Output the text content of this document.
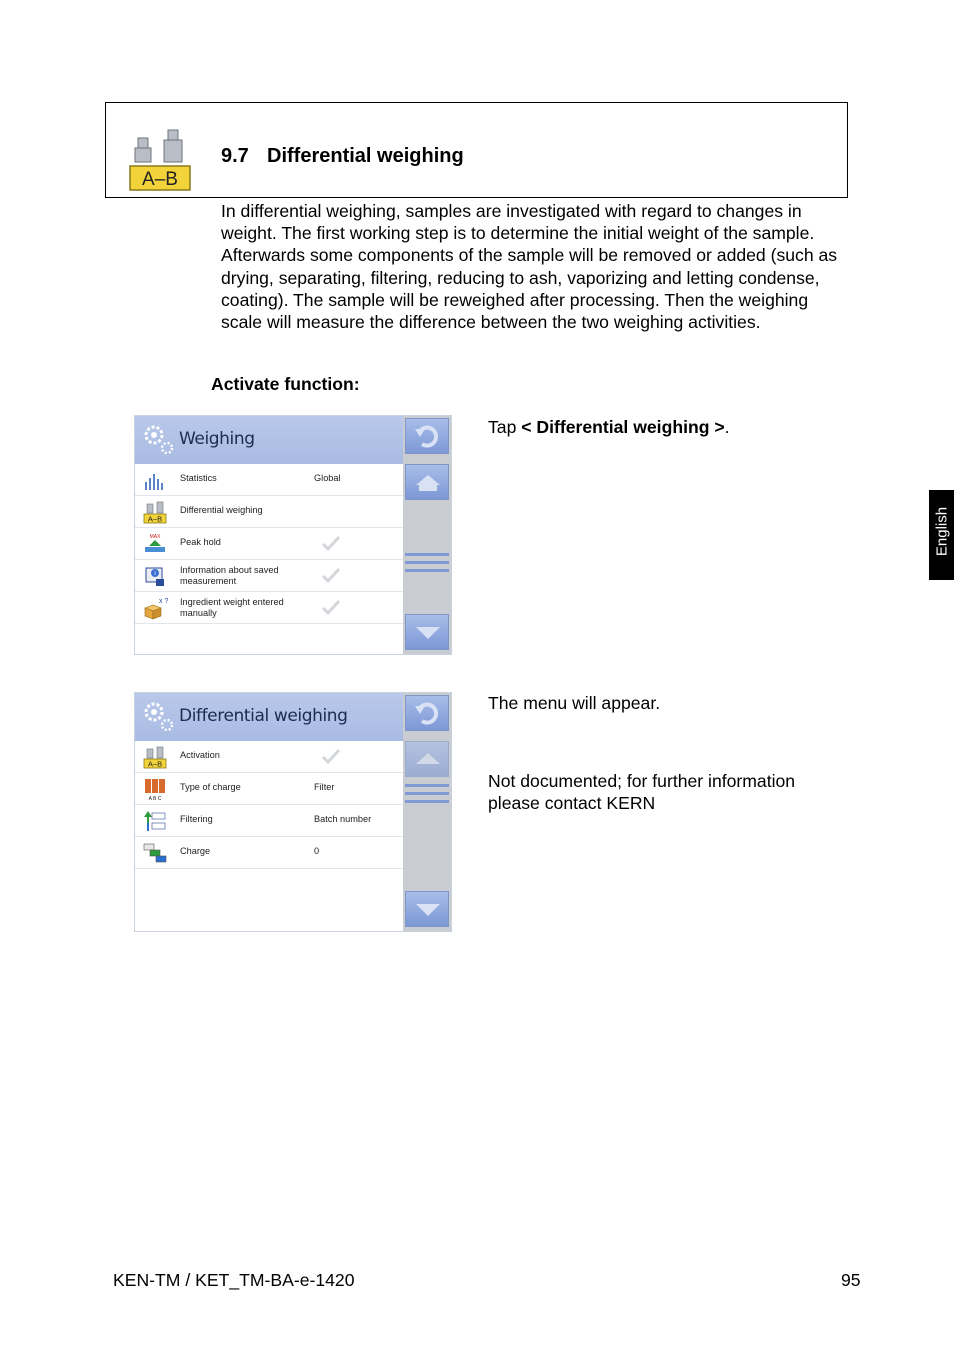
A–B
9.7 Differential weighing

In differential weighing, samples are investigated with regard to changes in weight. The first working step is to determine the initial weight of the sample. Afterwards some components of the sample will be removed or added (such as drying, separating, filtering, reducing to ash, vaporizing and letting condense, coating). The sample will be reweighed after processing. Then the weighing scale will measure the difference between the two weighing activities.

Activate function:
Weighing
Statistics	Global
A–B
Differential weighing
MAX Peak hold
i	Information about saved measurement
x ? Ingredient weight entered manually
Tap < Differential weighing >.
Differential weighing
A–B
Activation
A B C
Type of charge	Filter
Filtering	Batch number
Charge	0
The menu will appear.
Not documented; for further information please contact KERN
English
KEN-TM / KET_TM-BA-e-1420	95
